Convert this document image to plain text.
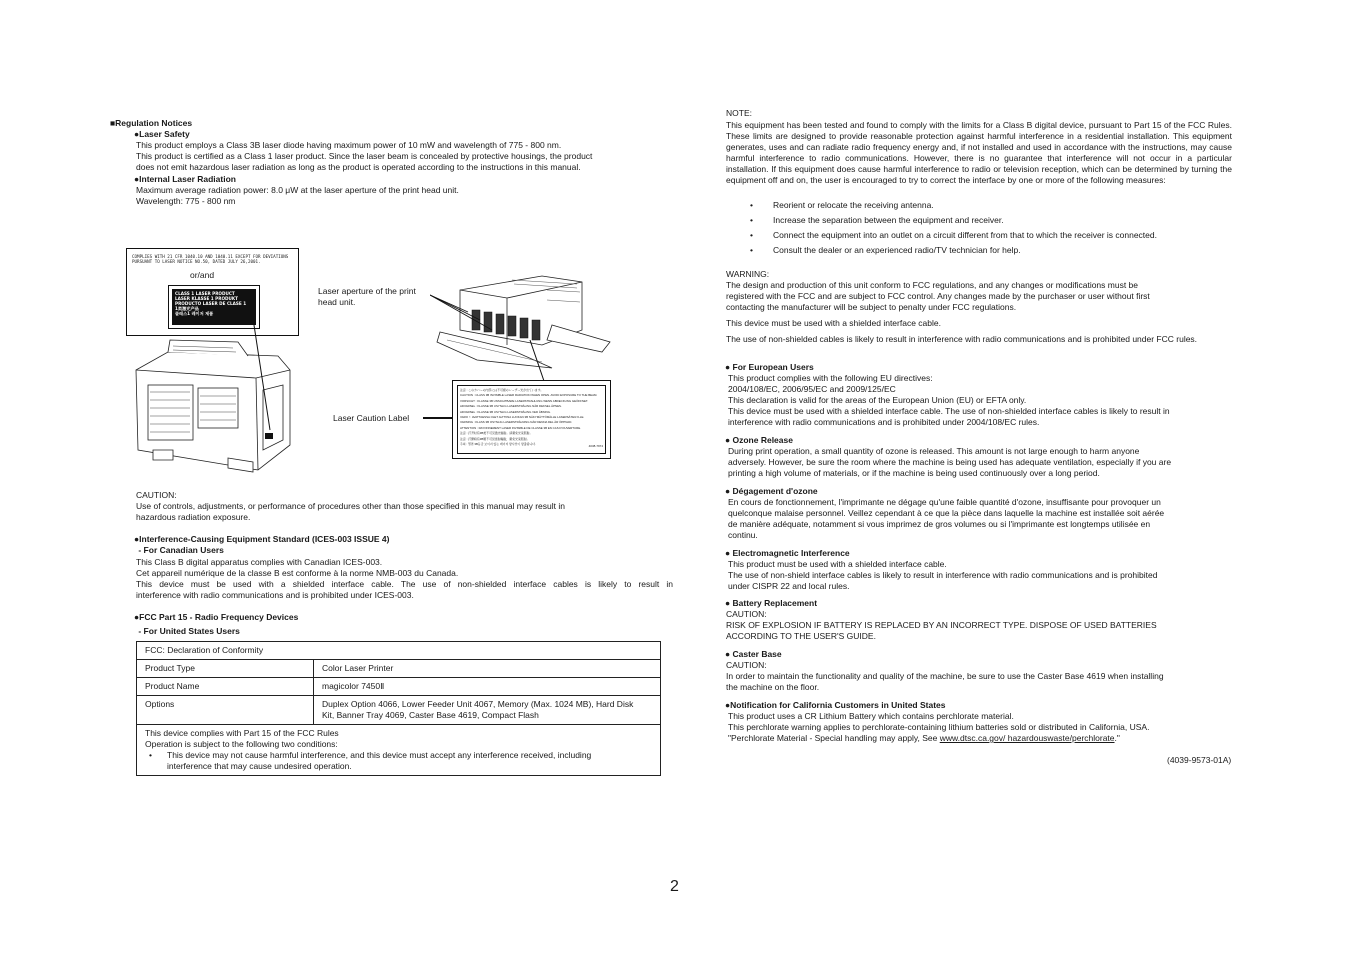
■Regulation Notices
●Laser Safety

This product employs a Class 3B laser diode having maximum power of 10 mW and wavelength of 775 - 800 nm.

This product is certified as a Class 1 laser product. Since the laser beam is concealed by protective housings, the product

does not emit hazardous laser radiation as long as the product is operated according to the instructions in this manual.

●Internal Laser Radiation

Maximum average radiation power: 8.0 μW at the laser aperture of the print head unit.

Wavelength: 775 - 800 nm

COMPLIES WITH 21 CFR 1040.10 AND 1040.11 EXCEPT FOR DEVIATIONS PURSUANT TO LASER NOTICE NO.50, DATED JULY 26,2001.
or/and
CLASS 1 LASER PRODUCT
LASER KLASSE 1 PRODUKT
PRODUCTO LASER DE CLASE 1
1类激光产品
클래스1 레이저 제품
Laser aperture of the print head unit.
Laser Caution Label
注意 : このカバーの内部には不可視のレーザー光が出ています。
CAUTION : CLASS 3B INVISIBLE LASER RADIATION WHEN OPEN. AVOID EXPOSURE TO THE BEAM.
VORSICHT : KLASSE 3B UNSICHTBARE LASERSTRAHLUNG WENN ABDECKUNG GEÖFFNET.
ADVARSEL : KLASSE 3B USYNLIG LASERSTRÅLING NÅR DEKSEL ÅPNES.
ADVARSEL : KLASSE 3B USYNLIG LASERSTRÅLING VED ÅBNING.
VARO ! : AVATTAESSA OLET ALTTIINA LUOKAN 3B NÄKYMÄTTÖMÄLLE LASERSÄTEILYLLE.
VARNING : KLASS 3B OSYNLIG LASERSTRÅLNING NÄR DENNA DEL ÄR ÖPPNAD.
ATTENTION : RAYONNEMENT LASER INVISIBLE DE CLASSE 3B EN CAS D'OUVERTURE.
注意 : 打开时有3B类不可见激光辐射。请避免光束照射。
注意 : 打開時有3B類不可見雷射輻射，避免光束照射。
주의 : 열면 3B등급 보이지 않는 레이저 방사선이 방출됩니다.	4038-7974
CAUTION:

Use of controls, adjustments, or performance of procedures other than those specified in this manual may result in

hazardous radiation exposure.

●Interference-Causing Equipment Standard (ICES-003 ISSUE 4)
- For Canadian Users

This Class B digital apparatus complies with Canadian ICES-003.

Cet appareil numérique de la classe B est conforme à la norme NMB-003 du Canada.

This device must be used with a shielded interface cable. The use of non-shielded interface cables is likely to result in

interference with radio communications and is prohibited under ICES-003.

●FCC Part 15 - Radio Frequency Devices
- For United States Users
FCC: Declaration of Conformity	
Product Type	Color Laser Printer
Product Name	magicolor 7450Ⅱ
Options	Duplex Option 4066, Lower Feeder Unit 4067, Memory (Max. 1024 MB), Hard Disk Kit, Banner Tray 4069, Caster Base 4619, Compact Flash

This device complies with Part 15 of the FCC Rules

Operation is subject to the following two conditions:

• This device may not cause harmful interference, and this device must accept any interference received, including interference that may cause undesired operation.	
NOTE:
This equipment has been tested and found to comply with the limits for a Class B digital device, pursuant to Part 15 of the FCC Rules. These limits are designed to provide reasonable protection against harmful interference in a residential installation. This equipment generates, uses and can radiate radio frequency energy and, if not installed and used in accordance with the instructions, may cause harmful interference to radio communications. However, there is no guarantee that interference will not occur in a particular installation. If this equipment does cause harmful interference to radio or television reception, which can be determined by turning the equipment off and on, the user is encouraged to try to correct the interface by one or more of the following measures:
• Reorient or relocate the receiving antenna.
• Increase the separation between the equipment and receiver.
• Connect the equipment into an outlet on a circuit different from that to which the receiver is connected.
• Consult the dealer or an experienced radio/TV technician for help.
WARNING:

The design and production of this unit conform to FCC regulations, and any changes or modifications must be

registered with the FCC and are subject to FCC control. Any changes made by the purchaser or user without first

contacting the manufacturer will be subject to penalty under FCC regulations.

This device must be used with a shielded interface cable.
The use of non-shielded cables is likely to result in interference with radio communications and is prohibited under FCC rules.
● For European Users

This product complies with the following EU directives:

2004/108/EC, 2006/95/EC and 2009/125/EC

This declaration is valid for the areas of the European Union (EU) or EFTA only.

This device must be used with a shielded interface cable. The use of non-shielded interface cables is likely to result in

interference with radio communications and is prohibited under 2004/108/EC rules.

● Ozone Release

During print operation, a small quantity of ozone is released. This amount is not large enough to harm anyone

adversely. However, be sure the room where the machine is being used has adequate ventilation, especially if you are

printing a high volume of materials, or if the machine is being used continuously over a long period.

● Dégagement d'ozone

En cours de fonctionnement, l'imprimante ne dégage qu'une faible quantité d'ozone, insuffisante pour provoquer un

quelconque malaise personnel. Veillez cependant à ce que la pièce dans laquelle la machine est installée soit aérée

de manière adéquate, notamment si vous imprimez de gros volumes ou si l'imprimante est longtemps utilisée en

continu.

● Electromagnetic Interference

This product must be used with a shielded interface cable.

The use of non-shield interface cables is likely to result in interference with radio communications and is prohibited

under CISPR 22 and local rules.

● Battery Replacement

CAUTION:

RISK OF EXPLOSION IF BATTERY IS REPLACED BY AN INCORRECT TYPE. DISPOSE OF USED BATTERIES

ACCORDING TO THE USER'S GUIDE.

● Caster Base

CAUTION:

In order to maintain the functionality and quality of the machine, be sure to use the Caster Base 4619 when installing

the machine on the floor.

●Notification for California Customers in United States

This product uses a CR Lithium Battery which contains perchlorate material.

This perchlorate warning applies to perchlorate-containing lithium batteries sold or distributed in California, USA.

"Perchlorate Material - Special handling may apply, See www.dtsc.ca.gov/ hazardouswaste/perchlorate."

(4039-9573-01A)
2
